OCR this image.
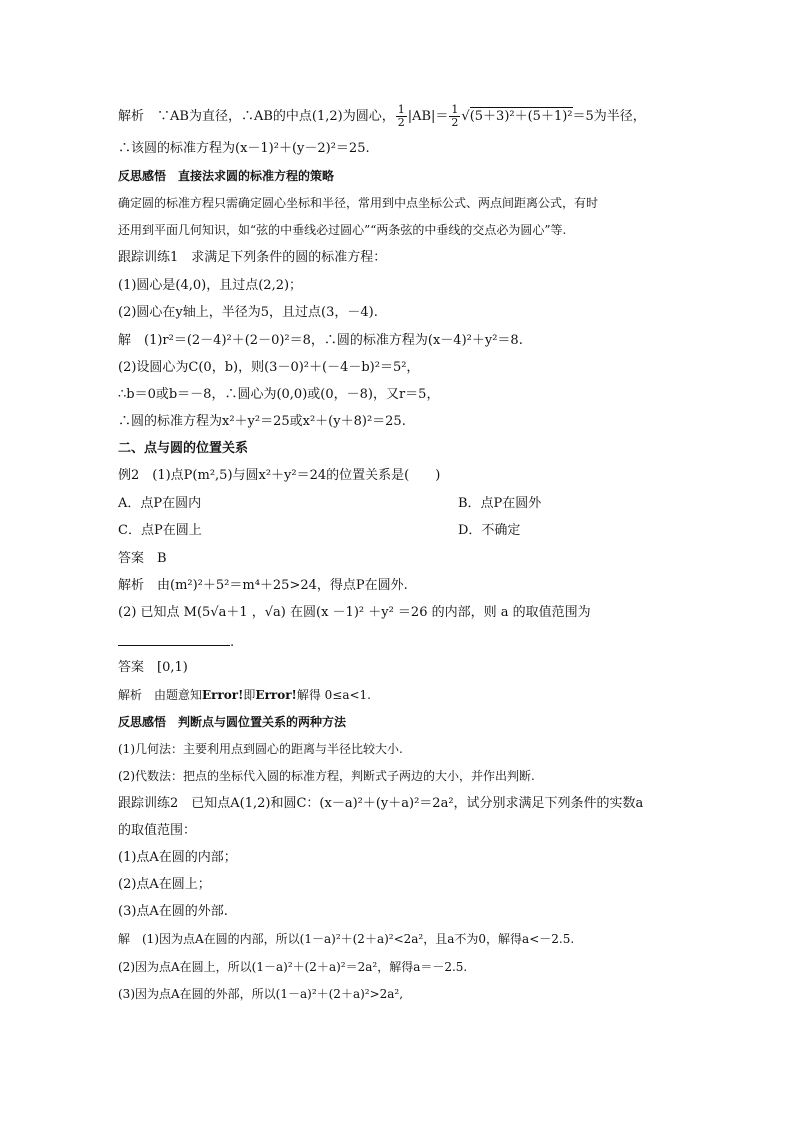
解析　∵AB为直径，∴AB的中点(1,2)为圆心， $\frac{1}{2} |AB|= \frac{1}{2} √(5+3)^2+(5+1)^2=5$为半径，
∴该圆的标准方程为(x－1)²＋(y－2)²＝25.
反思感悟　直接法求圆的标准方程的策略
确定圆的标准方程只需确定圆心坐标和半径，常用到中点坐标公式、两点间距离公式，有时
还用到平面几何知识，如“弦的中垂线必过圆心”“两条弦的中垂线的交点必为圆心”等.
跟踪训练1　求满足下列条件的圆的标准方程：
(1)圆心是(4,0)，且过点(2,2)；
(2)圆心在y轴上，半径为5，且过点(3，－4).
解　(1)r²＝(2－4)²＋(2－0)²＝8，∴圆的标准方程为(x－4)²＋y²＝8.
(2)设圆心为C(0，b)，则(3－0)²＋(－4－b)²＝5²，
∴b＝0或b＝－8，∴圆心为(0,0)或(0，－8)，又r＝5，
∴圆的标准方程为x²＋y²＝25或x²＋(y＋8)²＝25.
二、点与圆的位置关系
例2　(1)点P(m²,5)与圆x²＋y²＝24的位置关系是(　　)
A．点P在圆内	B．点P在圆外
C．点P在圆上	D．不确定
答案　B
解析　由(m²)²＋5²＝m⁴＋25>24，得点P在圆外.
(2) 已知点 M(5√a＋1 ，√a) 在圆(x －1)² ＋y² ＝26 的内部，则 a 的取值范围为
.
答案　[0,1)
解析　由题意知Error!即Error!解得 0≤a<1.
反思感悟　判断点与圆位置关系的两种方法
(1)几何法：主要利用点到圆心的距离与半径比较大小.
(2)代数法：把点的坐标代入圆的标准方程，判断式子两边的大小，并作出判断.
跟踪训练2　已知点A(1,2)和圆C：(x－a)²＋(y＋a)²＝2a²，试分别求满足下列条件的实数a
的取值范围：
(1)点A在圆的内部；
(2)点A在圆上；
(3)点A在圆的外部.
解　(1)因为点A在圆的内部，所以(1－a)²＋(2＋a)²<2a²，且a不为0，解得a<－2.5.
(2)因为点A在圆上，所以(1－a)²＋(2＋a)²＝2a²，解得a＝－2.5.
(3)因为点A在圆的外部，所以(1－a)²＋(2＋a)²>2a²,
